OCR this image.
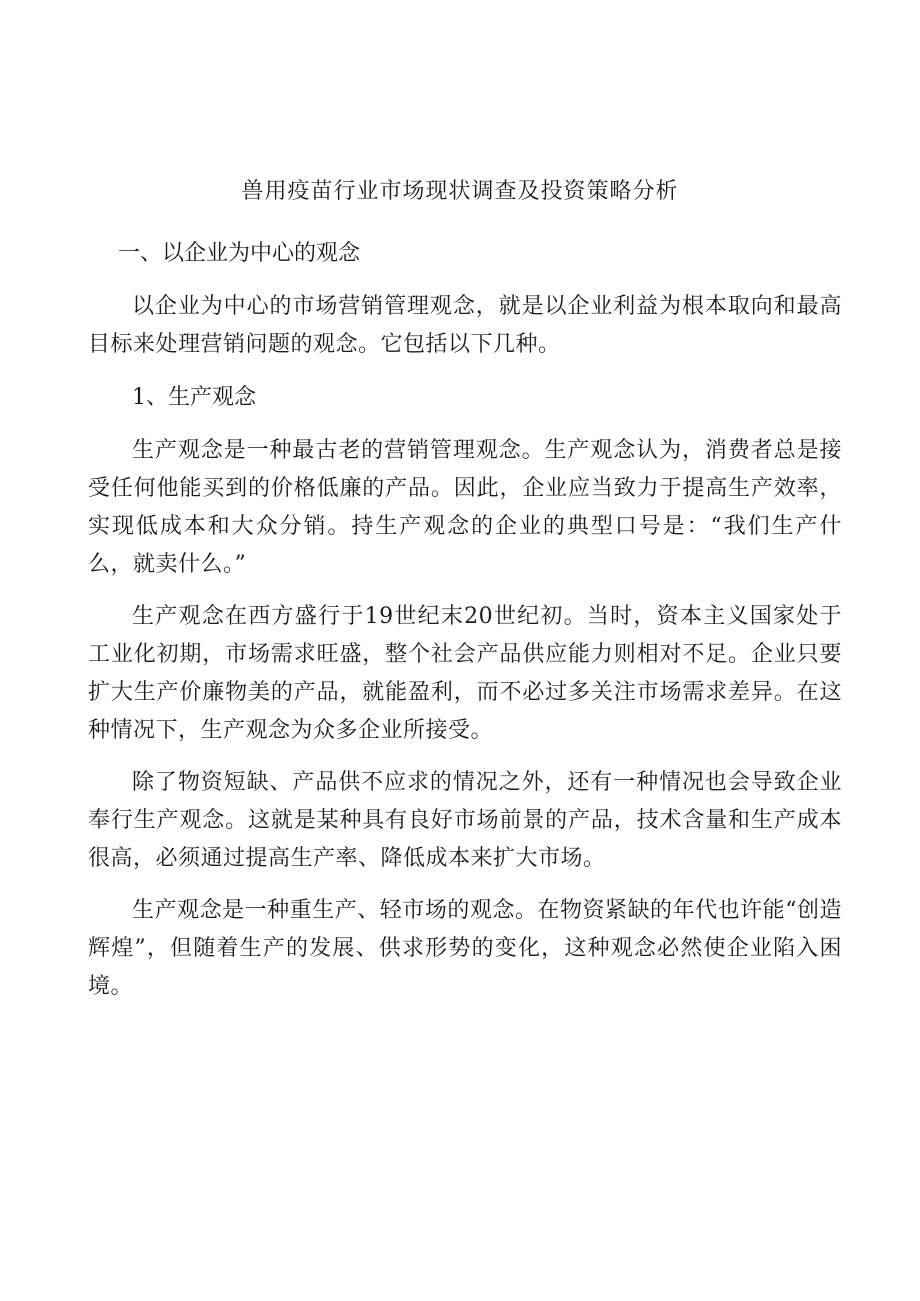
兽用疫苗行业市场现状调查及投资策略分析
一、以企业为中心的观念

以企业为中心的市场营销管理观念，就是以企业利益为根本取向和最高目标来处理营销问题的观念。它包括以下几种。

1、生产观念

生产观念是一种最古老的营销管理观念。生产观念认为，消费者总是接受任何他能买到的价格低廉的产品。因此，企业应当致力于提高生产效率，实现低成本和大众分销。持生产观念的企业的典型口号是：“我们生产什么，就卖什么。”

生产观念在西方盛行于19世纪末20世纪初。当时，资本主义国家处于工业化初期，市场需求旺盛，整个社会产品供应能力则相对不足。企业只要扩大生产价廉物美的产品，就能盈利，而不必过多关注市场需求差异。在这种情况下，生产观念为众多企业所接受。

除了物资短缺、产品供不应求的情况之外，还有一种情况也会导致企业奉行生产观念。这就是某种具有良好市场前景的产品，技术含量和生产成本很高，必须通过提高生产率、降低成本来扩大市场。

生产观念是一种重生产、轻市场的观念。在物资紧缺的年代也许能“创造辉煌”，但随着生产的发展、供求形势的变化，这种观念必然使企业陷入困境。
